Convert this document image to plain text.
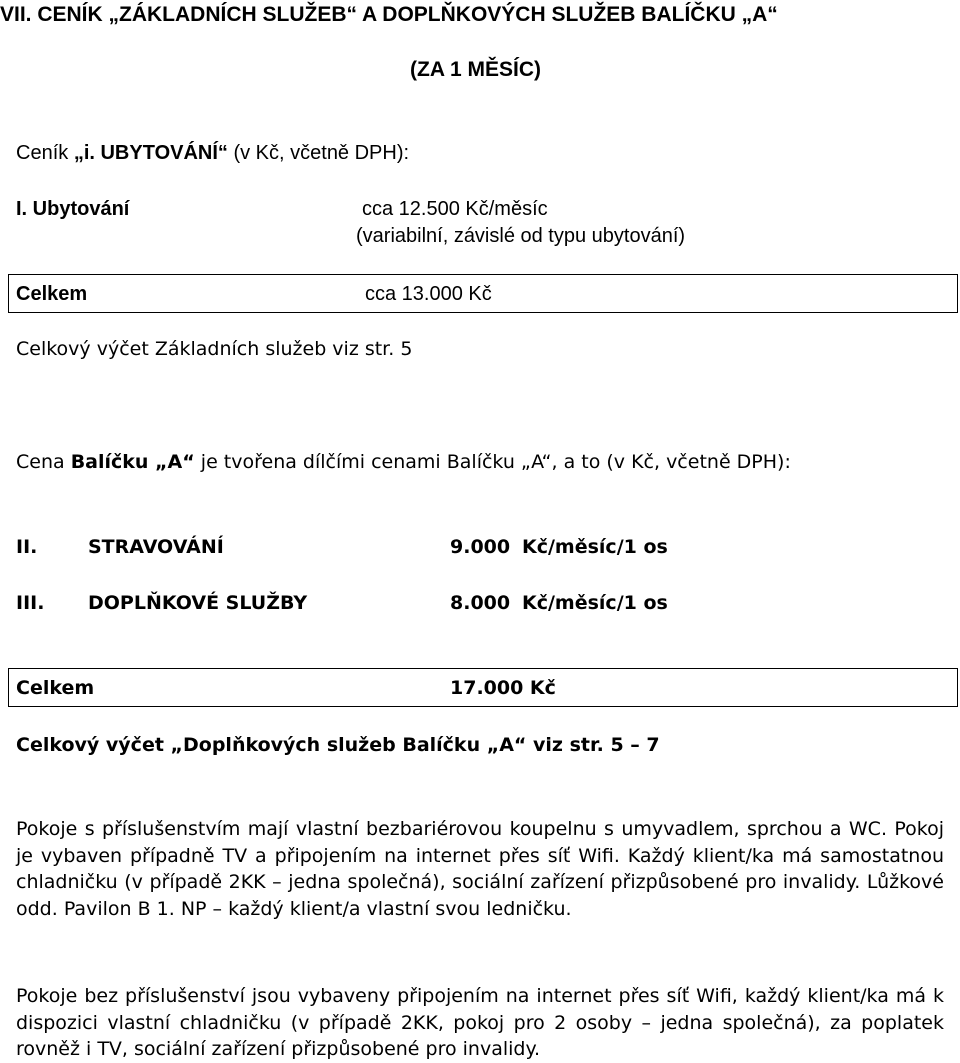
VII. CENÍK „ZÁKLADNÍCH SLUŽEB“ A DOPLŇKOVÝCH SLUŽEB BALÍČKU „A“
(ZA 1 MĚSÍC)
Ceník „i. UBYTOVÁNÍ“ (v Kč, včetně DPH):
I. Ubytování	cca 12.500 Kč/měsíc
(variabilní, závislé od typu ubytování)
Celkem	cca 13.000 Kč
Celkový výčet Základních služeb viz str. 5
Cena Balíčku „A“ je tvořena dílčími cenami Balíčku „A“, a to (v Kč, včetně DPH):
II.	STRAVOVÁNÍ	9.000 Kč/měsíc/1 os
III. DOPLŇKOVÉ SLUŽBY	8.000 Kč/měsíc/1 os
Celkem	17.000 Kč
Celkový výčet „Doplňkových služeb Balíčku „A“ viz str. 5 – 7
Pokoje s příslušenstvím mají vlastní bezbariérovou koupelnu s umyvadlem, sprchou a WC. Pokoj je vybaven případně TV a připojením na internet přes síť Wifi. Každý klient/ka má samostatnou chladničku (v případě 2KK – jedna společná), sociální zařízení přizpůsobené pro invalidy. Lůžkové odd. Pavilon B 1. NP – každý klient/a vlastní svou ledničku.
Pokoje bez příslušenství jsou vybaveny připojením na internet přes síť Wifi, každý klient/ka má k dispozici vlastní chladničku (v případě 2KK, pokoj pro 2 osoby – jedna společná), za poplatek rovněž i TV, sociální zařízení přizpůsobené pro invalidy.
